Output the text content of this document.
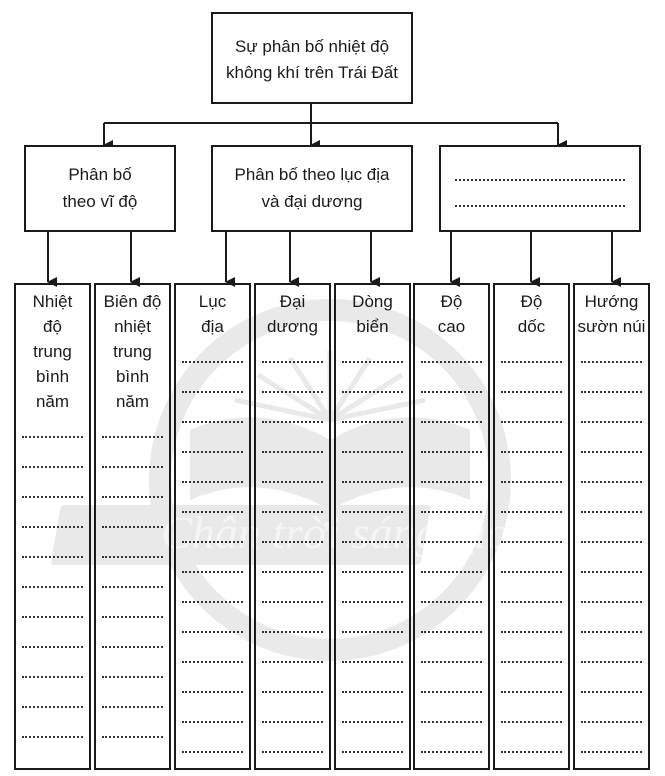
Chân trời sáng tạo
Sự phân bố nhiệt độ
không khí trên Trái Đất
Phân bố
theo vĩ độ
Phân bố theo lục địa
và đại dương
Nhiệt
độ
trung
bình
năm
Biên độ
nhiệt
trung
bình
năm
Lục
địa
Đại
dương
Dòng
biển
Độ
cao
Độ
dốc
Hướng
sườn núi
